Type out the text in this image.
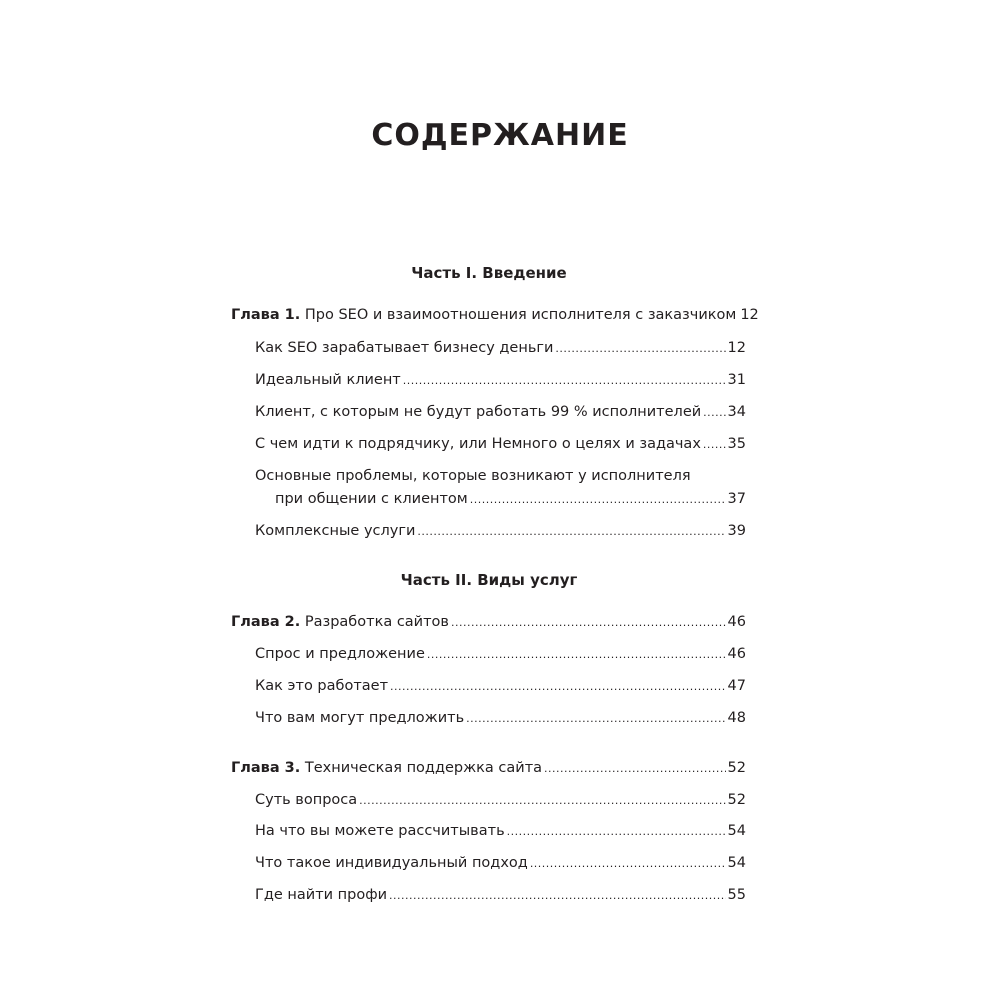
СОДЕРЖАНИЕ
Часть I. Введение
Глава 1. Про SEO и взаимоотношения исполнителя с заказчиком 12
Как SEO зарабатывает бизнесу деньги .....	12
Идеальный клиент .....	31
Клиент, с которым не будут работать 99 % исполнителей ..... 34
С чем идти к подрядчику, или Немного о целях и задачах ..... 35
Основные проблемы, которые возникают у исполнителя
при общении с клиентом .....	37
Комплексные услуги .....	39
Часть II. Виды услуг
Глава 2. Разработка сайтов .....	46
Спрос и предложение .....	46
Как это работает .....	47
Что вам могут предложить .....	48
Глава 3. Техническая поддержка сайта .....	52
Суть вопроса .....	52
На что вы можете рассчитывать .....	54
Что такое индивидуальный подход .....	54
Где найти профи .....	55
